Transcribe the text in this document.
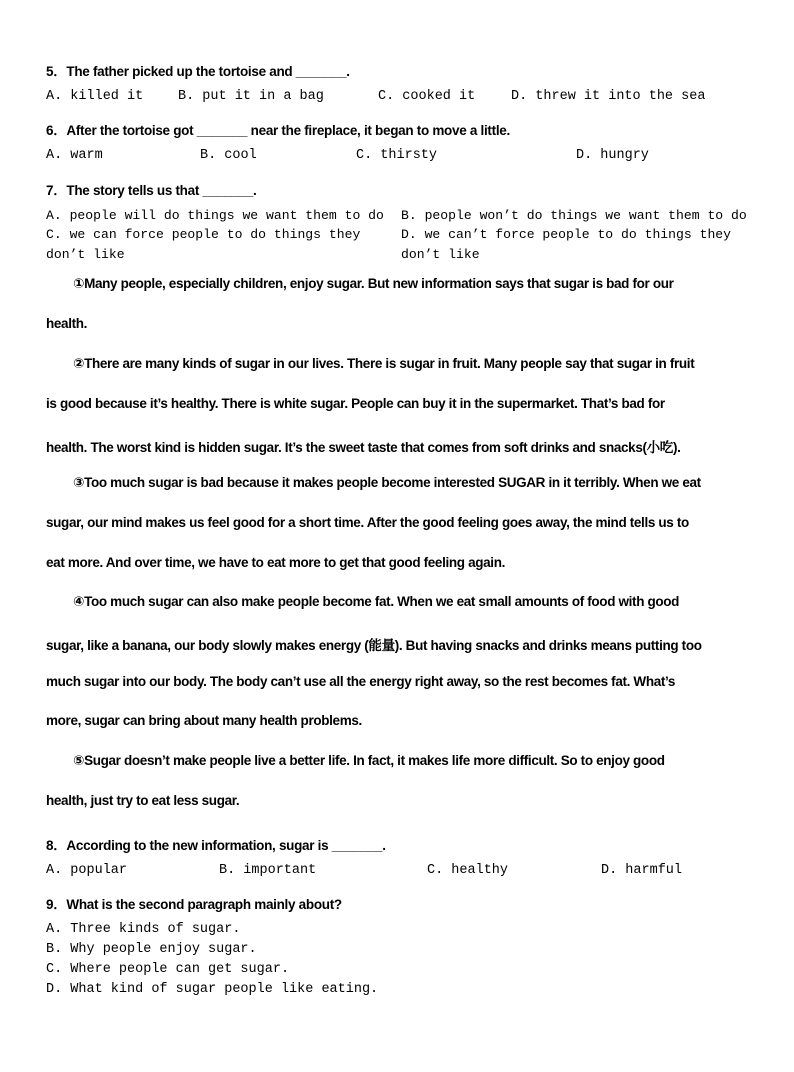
5．The father picked up the tortoise and _______.
A. killed it	B. put it in a bag	C. cooked it	D. threw it into the sea
6．After the tortoise got _______ near the fireplace, it began to move a little.
A. warm	B. cool	C. thirsty	D. hungry
7．The story tells us that _______.
A. people will do things we want them to do B. people won’t do things we want them to do
C. we can force people to do things they	D. we can’t force people to do things they
don’t like	don’t like
①Many people, especially children, enjoy sugar. But new information says that sugar is bad for our
health.
②There are many kinds of sugar in our lives. There is sugar in fruit. Many people say that sugar in fruit
is good because it’s healthy. There is white sugar. People can buy it in the supermarket. That’s bad for
health. The worst kind is hidden sugar. It’s the sweet taste that comes from soft drinks and snacks(小吃).
③Too much sugar is bad because it makes people become interested SUGAR in it terribly. When we eat
sugar, our mind makes us feel good for a short time. After the good feeling goes away, the mind tells us to
eat more. And over time, we have to eat more to get that good feeling again.
④Too much sugar can also make people become fat. When we eat small amounts of food with good
sugar, like a banana, our body slowly makes energy (能量). But having snacks and drinks means putting too
much sugar into our body. The body can’t use all the energy right away, so the rest becomes fat. What’s
more, sugar can bring about many health problems.
⑤Sugar doesn’t make people live a better life. In fact, it makes life more difficult. So to enjoy good
health, just try to eat less sugar.
8．According to the new information, sugar is _______.
A. popular	B. important	C. healthy	D. harmful
9．What is the second paragraph mainly about?
A. Three kinds of sugar.
B. Why people enjoy sugar.
C. Where people can get sugar.
D. What kind of sugar people like eating.
